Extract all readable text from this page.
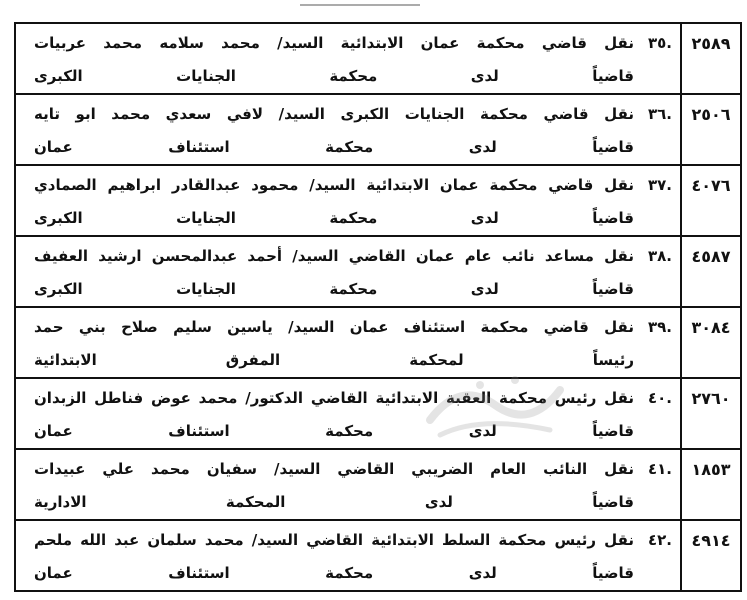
٢٥٨٩	.٣٥
نقل قاضي محكمة عمان الابتدائية السيد/ محمد سلامه محمد عربيات
قاضياً لدى محكمة الجنايات الكبرى

٢٥٠٦	.٣٦
نقل قاضي محكمة الجنايات الكبرى السيد/ لافي سعدي محمد ابو تايه
قاضياً لدى محكمة استئناف عمان

٤٠٧٦	.٣٧
نقل قاضي محكمة عمان الابتدائية السيد/ محمود عبدالقادر ابراهيم الصمادي
قاضياً لدى محكمة الجنايات الكبرى

٤٥٨٧	.٣٨
نقل مساعد نائب عام عمان القاضي السيد/ أحمد عبدالمحسن ارشيد العفيف
قاضياً لدى محكمة الجنايات الكبرى

٣٠٨٤	.٣٩
نقل قاضي محكمة استئناف عمان السيد/ ياسين سليم صلاح بني حمد
رئيساً لمحكمة المفرق الابتدائية

٢٧٦٠	.٤٠
نقل رئيس محكمة العقبة الابتدائية القاضي الدكتور/ محمد عوض فناطل الزبدان
قاضياً لدى محكمة استئناف عمان

١٨٥٣	.٤١
نقل النائب العام الضريبي القاضي السيد/ سفيان محمد علي عبيدات
قاضياً لدى المحكمة الادارية

٤٩١٤	.٤٢
نقل رئيس محكمة السلط الابتدائية القاضي السيد/ محمد سلمان عبد الله ملحم
قاضياً لدى محكمة استئناف عمان
